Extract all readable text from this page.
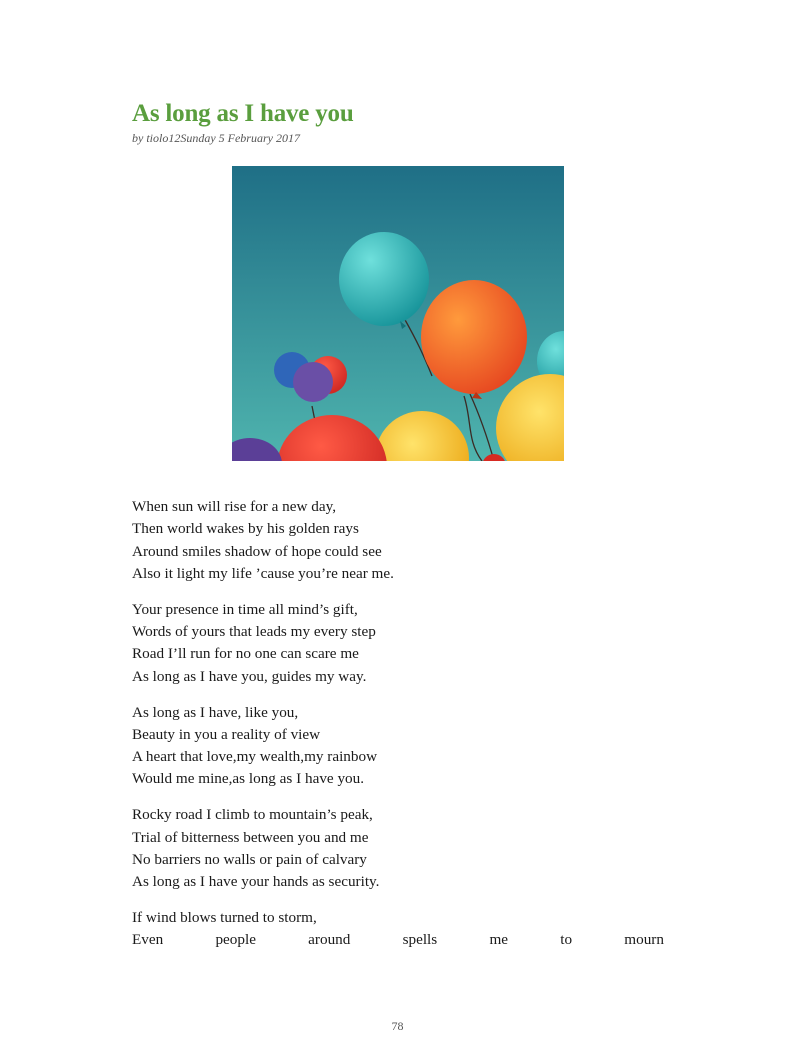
As long as I have you
by tiolo12Sunday 5 February 2017
When sun will rise for a new day,
Then world wakes by his golden rays
Around smiles shadow of hope could see
Also it light my life ’cause you’re near me.
Your presence in time all mind’s gift,
Words of yours that leads my every step
Road I’ll run for no one can scare me
As long as I have you, guides my way.
As long as I have, like you,
Beauty in you a reality of view
A heart that love,my wealth,my rainbow
Would me mine,as long as I have you.
Rocky road I climb to mountain’s peak,
Trial of bitterness between you and me
No barriers no walls or pain of calvary
As long as I have your hands as security.
If wind blows turned to storm,
Even	people	around	spells	me	to	mourn
78
